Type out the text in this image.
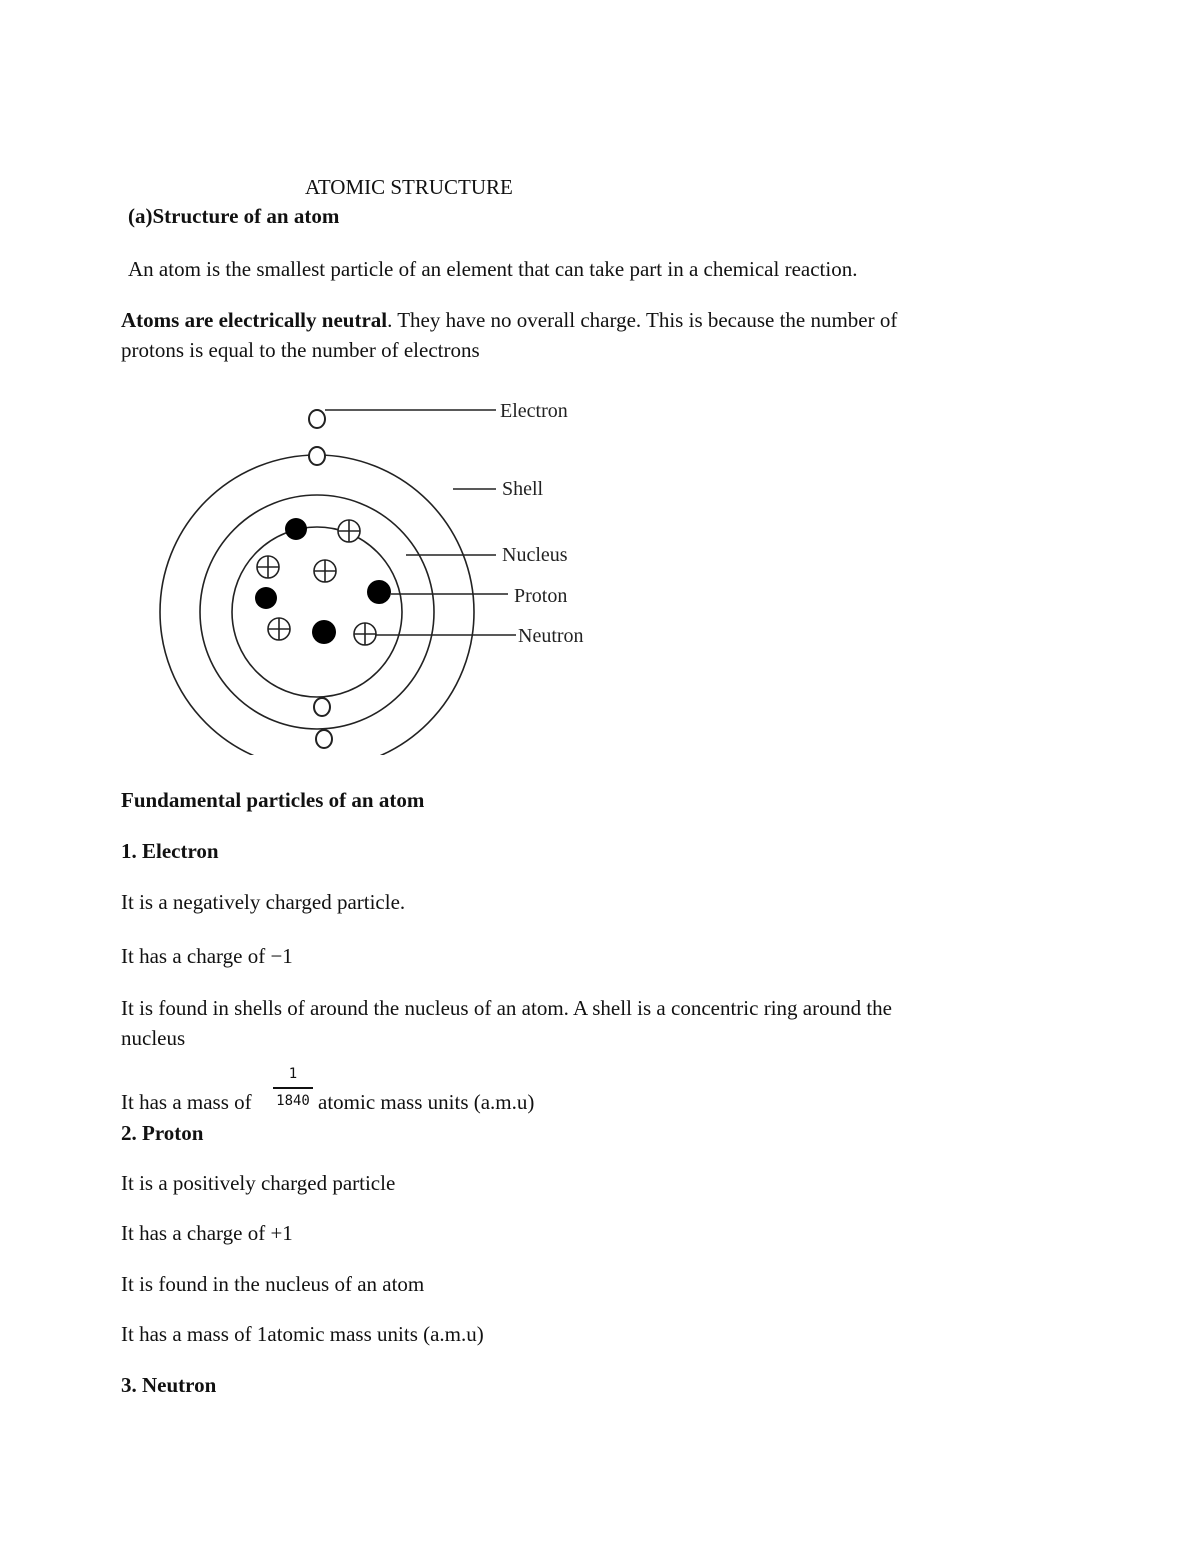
ATOMIC STRUCTURE
(a)Structure of an atom
An atom is the smallest particle of an element that can take part in a chemical reaction.
Atoms are electrically neutral. They have no overall charge. This is because the number of
protons is equal to the number of electrons
Electron
Shell
Nucleus
Proton
Neutron
Fundamental particles of an atom
1. Electron
It is a negatively charged particle.
It has a charge of −1
It is found in shells of around the nucleus of an atom. A shell is a concentric ring around the
nucleus
It has a mass of
1
1840 atomic mass units (a.m.u)
2. Proton
It is a positively charged particle
It has a charge of +1
It is found in the nucleus of an atom
It has a mass of 1atomic mass units (a.m.u)
3. Neutron
